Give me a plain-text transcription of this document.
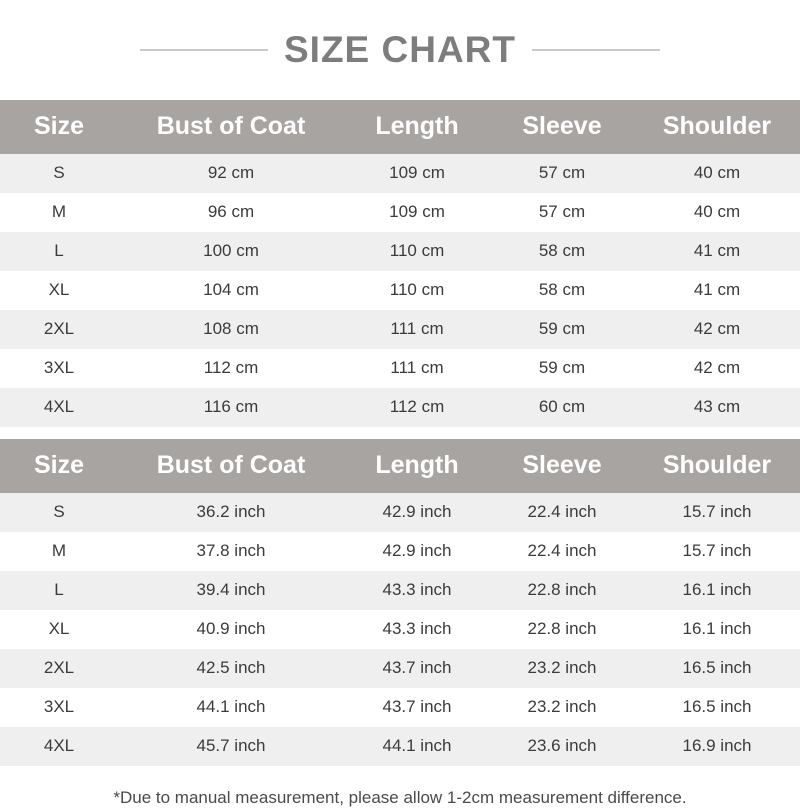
SIZE CHART
Size	Bust of Coat	Length	Sleeve	Shoulder
S	92 cm	109 cm	57 cm	40 cm
M	96 cm	109 cm	57 cm	40 cm
L	100 cm	110 cm	58 cm	41 cm
XL	104 cm	110 cm	58 cm	41 cm
2XL	108 cm	111 cm	59 cm	42 cm
3XL	112 cm	111 cm	59 cm	42 cm
4XL	116 cm	112 cm	60 cm	43 cm
Size	Bust of Coat	Length	Sleeve	Shoulder
S	36.2 inch	42.9 inch	22.4 inch	15.7 inch
M	37.8 inch	42.9 inch	22.4 inch	15.7 inch
L	39.4 inch	43.3 inch	22.8 inch	16.1 inch
XL	40.9 inch	43.3 inch	22.8 inch	16.1 inch
2XL	42.5 inch	43.7 inch	23.2 inch	16.5 inch
3XL	44.1 inch	43.7 inch	23.2 inch	16.5 inch
4XL	45.7 inch	44.1 inch	23.6 inch	16.9 inch
*Due to manual measurement, please allow 1-2cm measurement difference.
